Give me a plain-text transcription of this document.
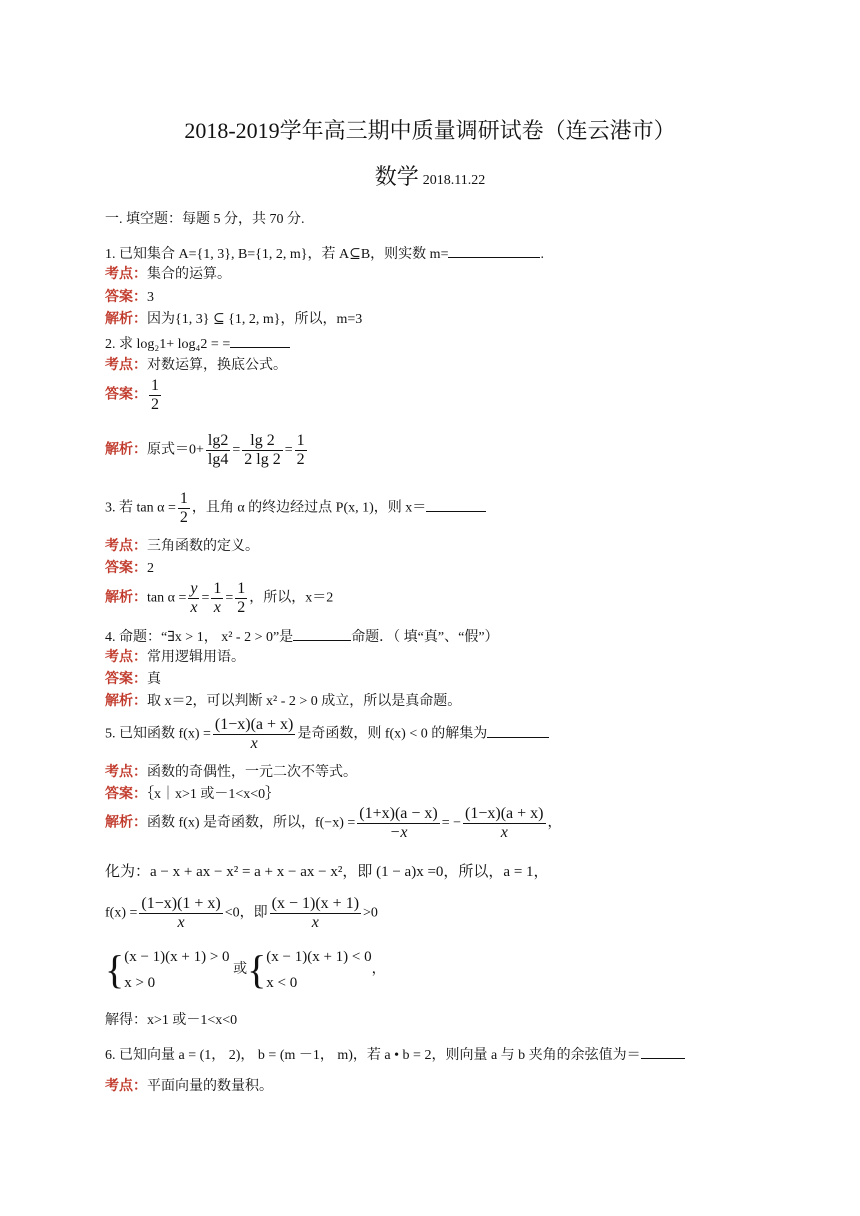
2018-2019学年高三期中质量调研试卷（连云港市）
数学 2018.11.22
一. 填空题：每题 5 分，共 70 分.
1. 已知集合 A={1, 3}, B={1, 2, m}，若 A⊆B，则实数 m=	.
考点：集合的运算。
答案：3
解析：因为{1, 3} ⊆ {1, 2, m}，所以，m=3
2. 求 log₂1+ log₄2 = =
考点：对数运算，换底公式。
答案： $\frac{1}{2}$
解析：原式$=0+ \frac{\lg 2}{\lg 4} = \frac{\lg 2}{2 \lg 2} = \frac{1}{2}$
3. 若 $\tan \alpha = \frac{1}{2}$ ，且角 α 的终边经过点 P(x, 1)，则 x＝
考点：三角函数的定义。
答案：2
解析：$\tan \alpha = \frac{y}{x} = \frac{1}{x} = \frac{1}{2}$ ，所以，x＝2
4. 命题：“∃x > 1， x² - 2 > 0”是	命题．（ 填“真”、“假”）
考点：常用逻辑用语。
答案：真
解析：取 x＝2，可以判断 x² - 2 > 0 成立，所以是真命题。
5. 已知函数 $f(x) = \frac{(1-x)(a + x)}{x}$ 是奇函数，则 f(x) < 0 的解集为
考点：函数的奇偶性，一元二次不等式。
答案：｛x｜x>1 或－1<x<0｝
解析：函数 f(x) 是奇函数，所以，$f(-x) = \frac{(1+x)(a - x)}{-x}$ = − $\frac{(1-x)(a + x)}{x}$ ，
化为：a − x + ax − x² = a + x − ax − x²，即 (1 − a)x =0，所以，a = 1，
$f(x) = \frac{(1-x)(1 + x)}{x} <0$，即 $\frac{(x - 1)(x + 1)}{x} >0$
{ (x − 1)(x + 1) > 0
x > 0
或{ (x − 1)(x + 1) < 0
x < 0
，
解得：x>1 或－1<x<0
6. 已知向量 a = (1， 2)， b = (m －1， m)，若 a • b = 2，则向量 a 与 b 夹角的余弦值为＝
考点：平面向量的数量积。
